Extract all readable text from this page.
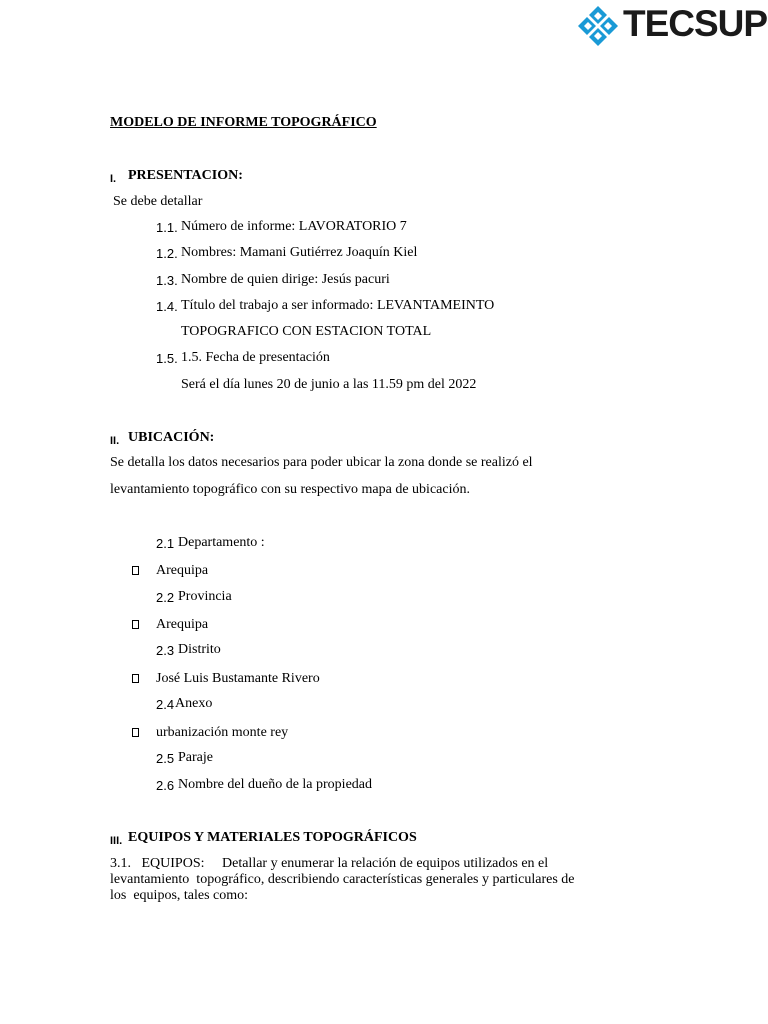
TECSUP
MODELO DE INFORME TOPOGRÁFICO
I. PRESENTACION:
Se debe detallar
1.1. Número de informe: LAVORATORIO 7
1.2. Nombres: Mamani Gutiérrez Joaquín Kiel
1.3. Nombre de quien dirige: Jesús pacuri
1.4. Título del trabajo a ser informado: LEVANTAMEINTO
TOPOGRAFICO CON ESTACION TOTAL
1.5. 1.5. Fecha de presentación
Será el día lunes 20 de junio a las 11.59 pm del 2022
II. UBICACIÓN:
Se detalla los datos necesarios para poder ubicar la zona donde se realizó el
levantamiento topográfico con su respectivo mapa de ubicación.
2.1 Departamento :
Arequipa
2.2 Provincia
Arequipa
2.3 Distrito
José Luis Bustamante Rivero
2.4 Anexo
urbanización monte rey
2.5 Paraje
2.6 Nombre del dueño de la propiedad
III. EQUIPOS Y MATERIALES TOPOGRÁFICOS
3.1.   EQUIPOS:     Detallar y enumerar la relación de equipos utilizados en el
levantamiento  topográfico, describiendo características generales y particulares de
los  equipos, tales como:
